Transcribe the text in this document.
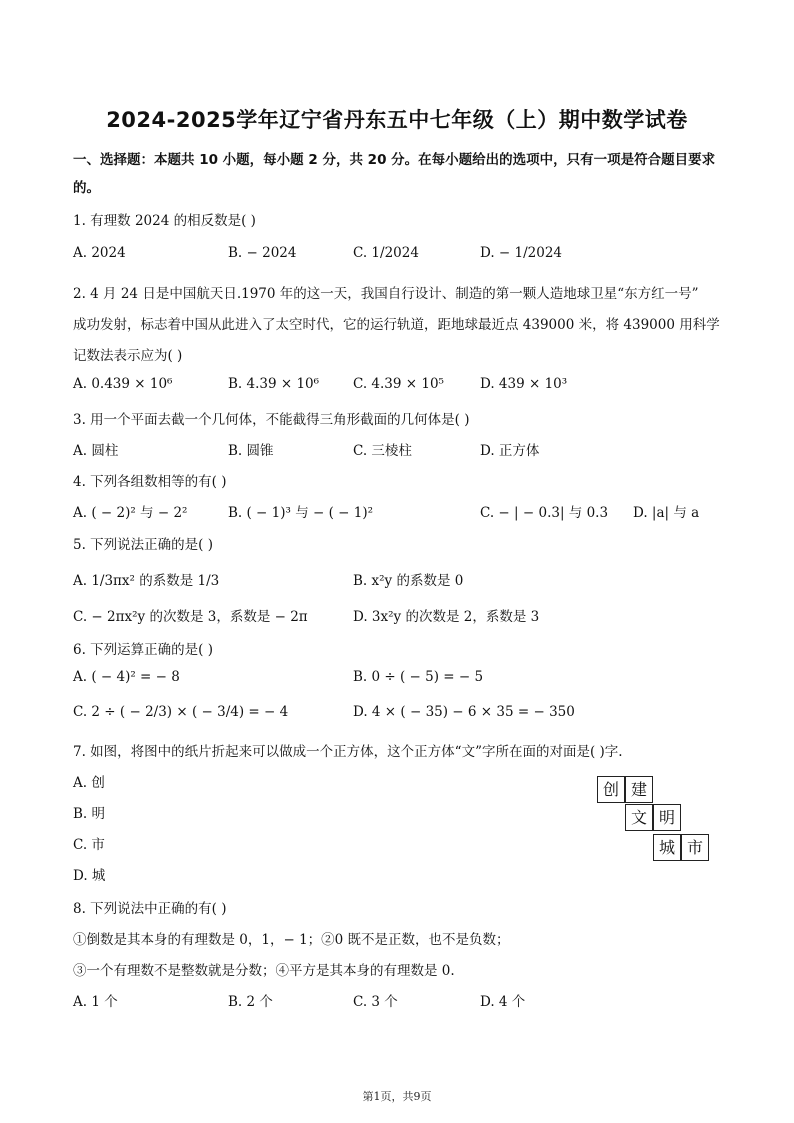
2024-2025学年辽宁省丹东五中七年级（上）期中数学试卷
一、选择题：本题共 10 小题，每小题 2 分，共 20 分。在每小题给出的选项中，只有一项是符合题目要求
的。
1. 有理数 2024 的相反数是( )
A. 2024	B. − 2024	C. 1/2024	D. − 1/2024
2. 4 月 24 日是中国航天日.1970 年的这一天，我国自行设计、制造的第一颗人造地球卫星“东方红一号”
成功发射，标志着中国从此进入了太空时代，它的运行轨道，距地球最近点 439000 米，将 439000 用科学
记数法表示应为( )
A. 0.439 × 10⁶	B. 4.39 × 10⁶	C. 4.39 × 10⁵	D. 439 × 10³
3. 用一个平面去截一个几何体，不能截得三角形截面的几何体是( )
A. 圆柱	B. 圆锥	C. 三棱柱	D. 正方体
4. 下列各组数相等的有( )
A. ( − 2)² 与 − 2²	B. ( − 1)³ 与 − ( − 1)²	C. − | − 0.3| 与 0.3 D. |a| 与 a
5. 下列说法正确的是( )
A. 1/3πx² 的系数是 1/3	B. x²y 的系数是 0
C. − 2πx²y 的次数是 3，系数是 − 2π	D. 3x²y 的次数是 2，系数是 3
6. 下列运算正确的是( )
A. ( − 4)² = − 8	B. 0 ÷ ( − 5) = − 5
C. 2 ÷ ( − 2/3) × ( − 3/4) = − 4	D. 4 × ( − 35) − 6 × 35 = − 350
7. 如图，将图中的纸片折起来可以做成一个正方体，这个正方体“文”字所在面的对面是( )字.
A. 创
B. 明
C. 市
D. 城
创 建
文 明
城 市
8. 下列说法中正确的有( )
①倒数是其本身的有理数是 0，1，− 1；②0 既不是正数，也不是负数；
③一个有理数不是整数就是分数；④平方是其本身的有理数是 0.
A. 1 个	B. 2 个	C. 3 个	D. 4 个
第1页，共9页
